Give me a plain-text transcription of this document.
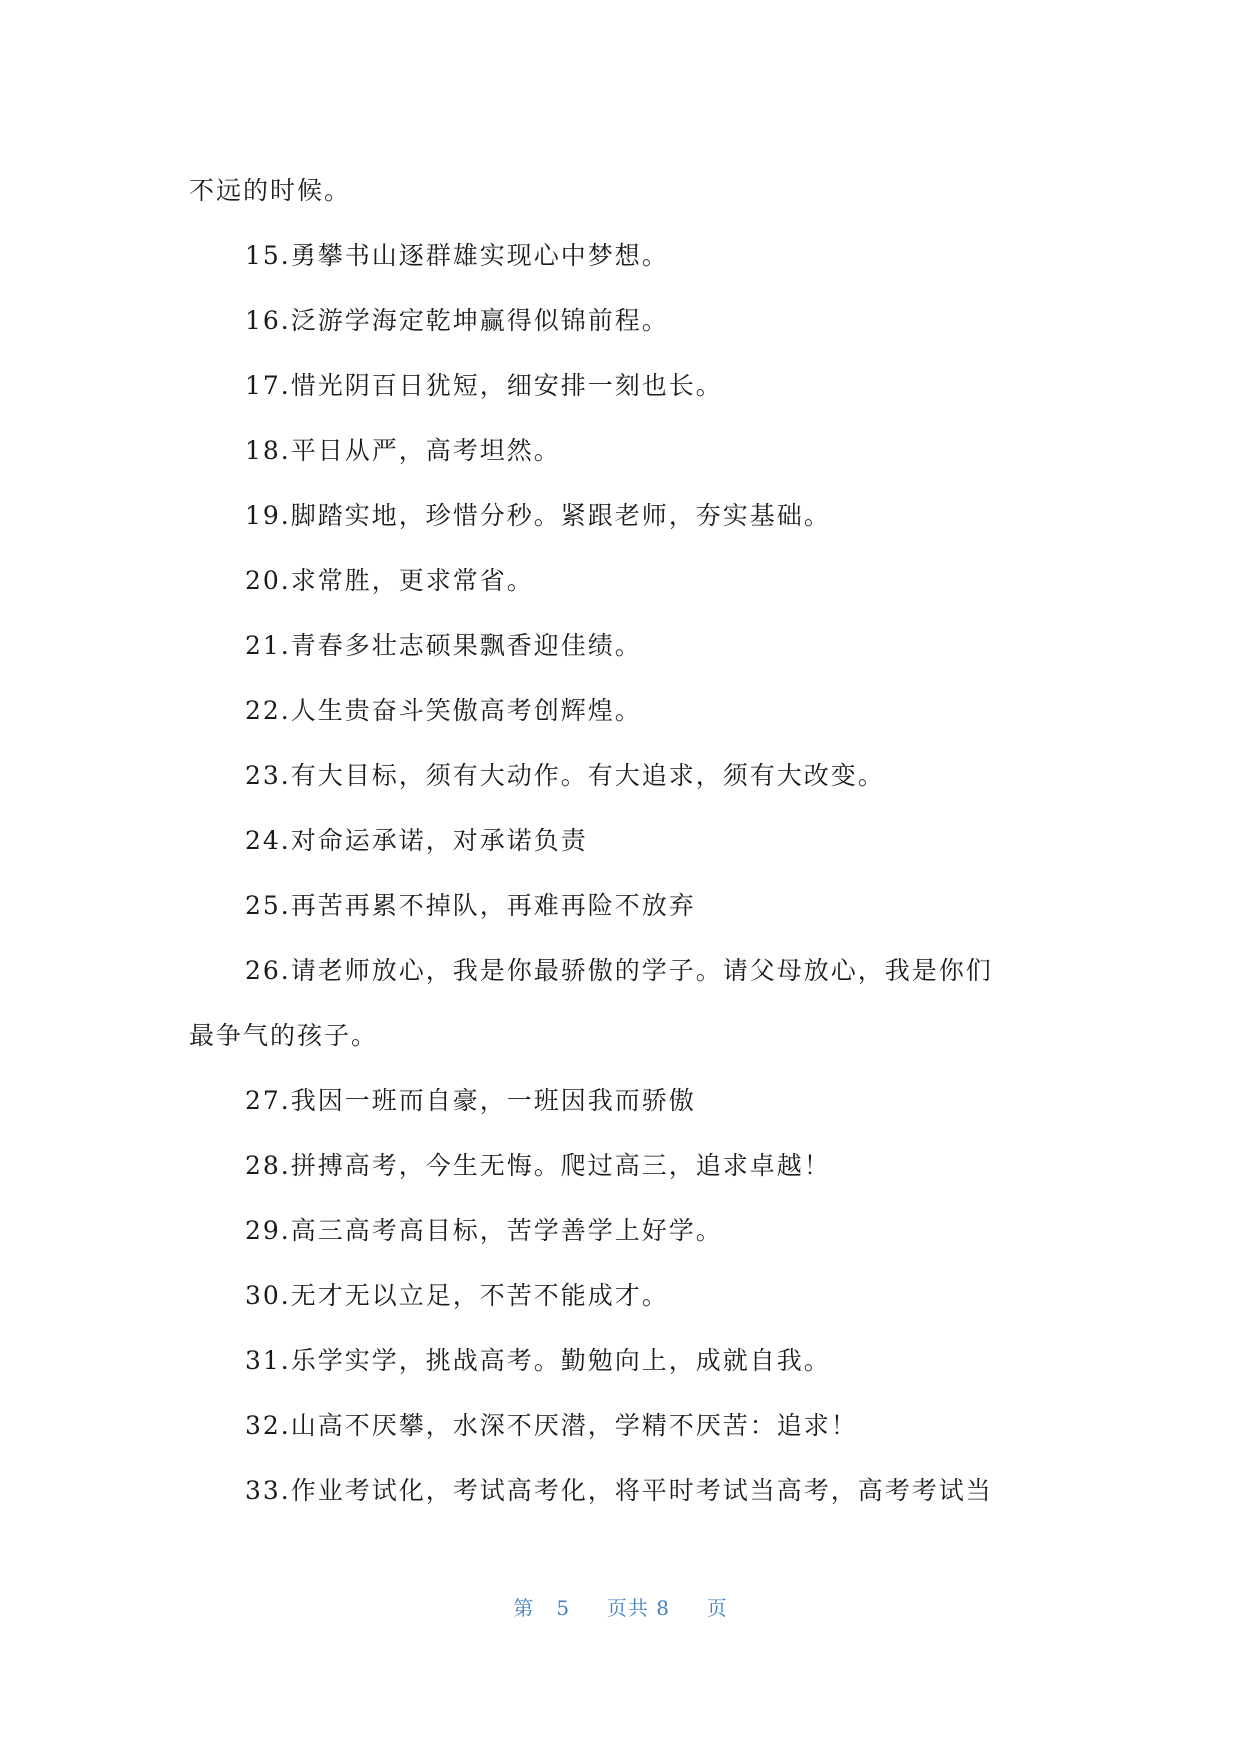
不远的时候。
15.勇攀书山逐群雄实现心中梦想。
16.泛游学海定乾坤赢得似锦前程。
17.惜光阴百日犹短，细安排一刻也长。
18.平日从严，高考坦然。
19.脚踏实地，珍惜分秒。紧跟老师，夯实基础。
20.求常胜，更求常省。
21.青春多壮志硕果飘香迎佳绩。
22.人生贵奋斗笑傲高考创辉煌。
23.有大目标，须有大动作。有大追求，须有大改变。
24.对命运承诺，对承诺负责
25.再苦再累不掉队，再难再险不放弃
26.请老师放心，我是你最骄傲的学子。请父母放心，我是你们
最争气的孩子。
27.我因一班而自豪，一班因我而骄傲
28.拼搏高考，今生无悔。爬过高三，追求卓越！
29.高三高考高目标，苦学善学上好学。
30.无才无以立足，不苦不能成才。
31.乐学实学，挑战高考。勤勉向上，成就自我。
32.山高不厌攀，水深不厌潜，学精不厌苦：追求！
33.作业考试化，考试高考化，将平时考试当高考，高考考试当
第 5 页共 8 页
